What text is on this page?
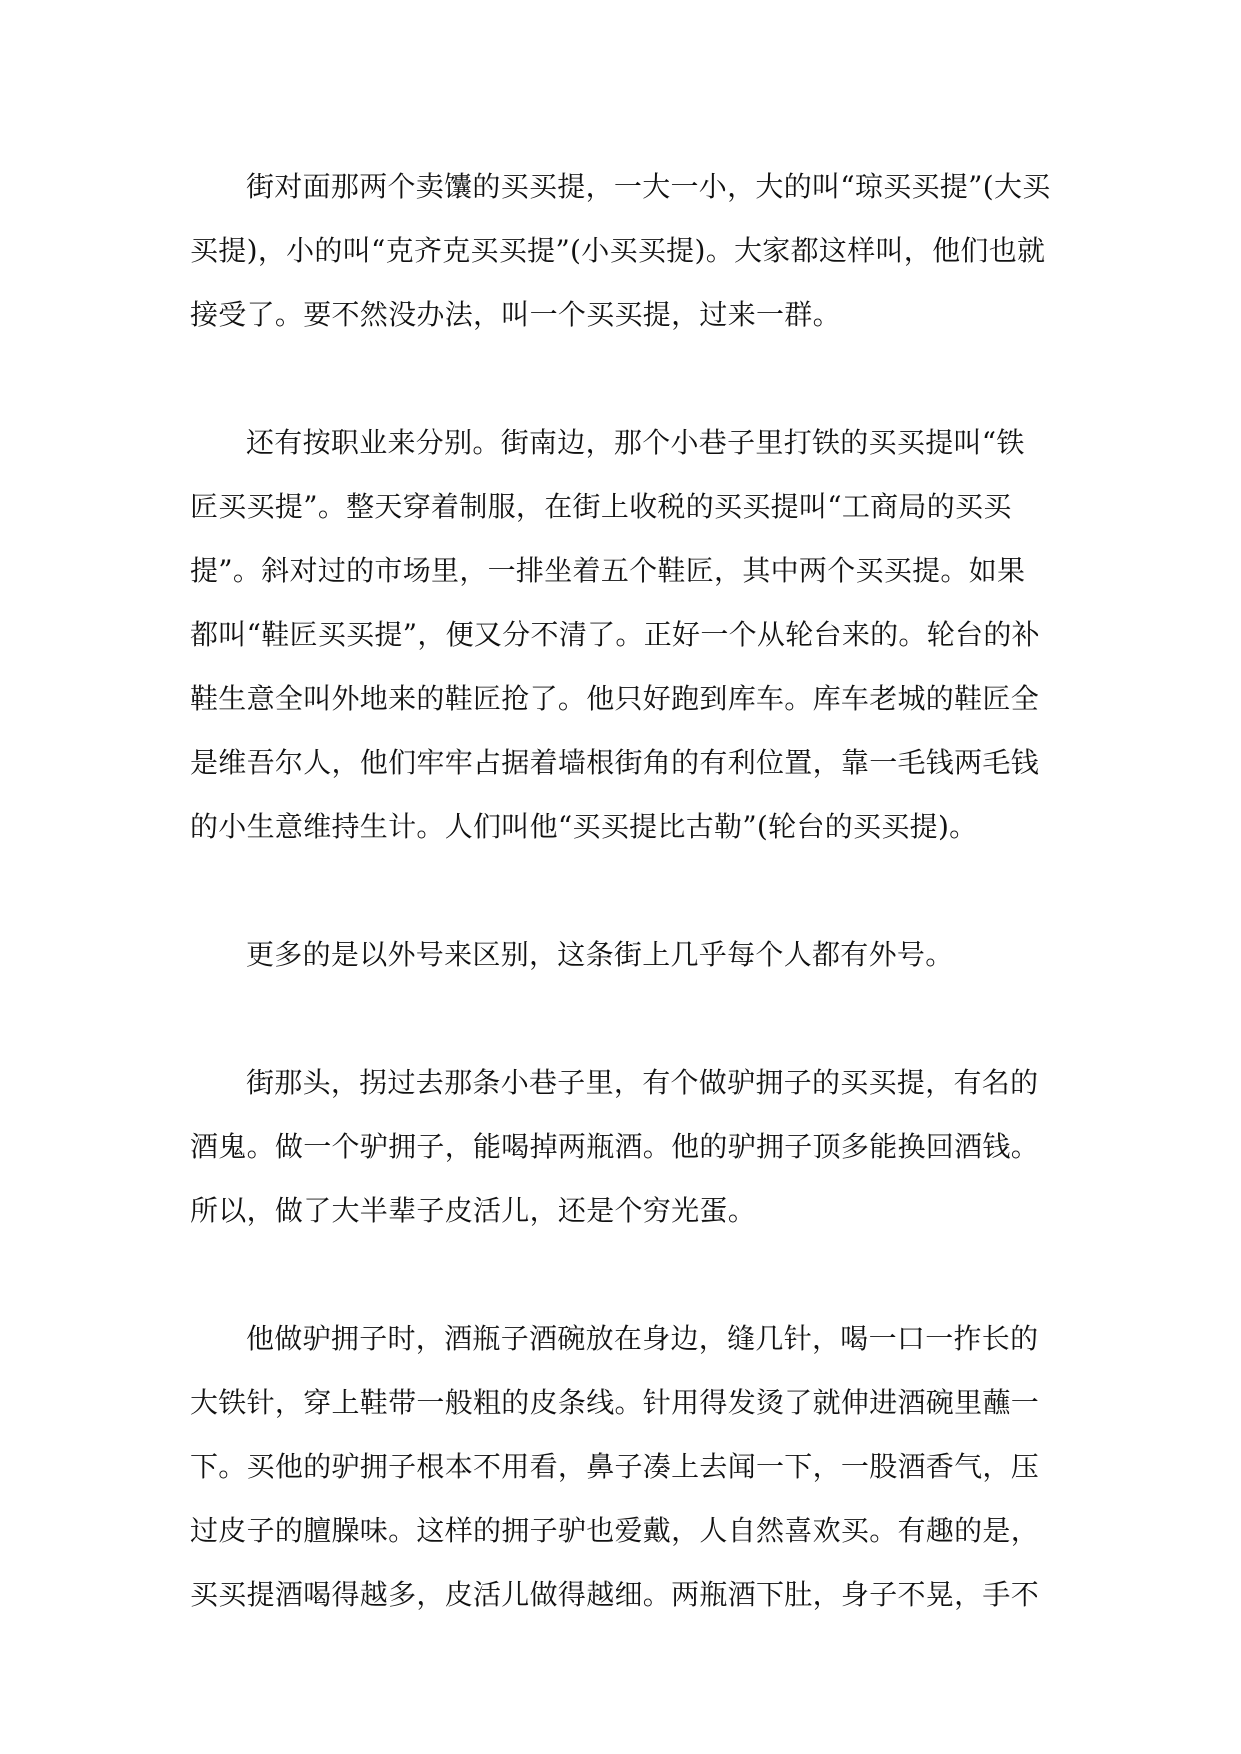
街对面那两个卖馕的买买提，一大一小，大的叫“琼买买提”(大买
买提)，小的叫“克齐克买买提”(小买买提)。大家都这样叫，他们也就
接受了。要不然没办法，叫一个买买提，过来一群。
还有按职业来分别。街南边，那个小巷子里打铁的买买提叫“铁
匠买买提”。整天穿着制服，在街上收税的买买提叫“工商局的买买
提”。斜对过的市场里，一排坐着五个鞋匠，其中两个买买提。如果
都叫“鞋匠买买提”，便又分不清了。正好一个从轮台来的。轮台的补
鞋生意全叫外地来的鞋匠抢了。他只好跑到库车。库车老城的鞋匠全
是维吾尔人，他们牢牢占据着墙根街角的有利位置，靠一毛钱两毛钱
的小生意维持生计。人们叫他“买买提比古勒”(轮台的买买提)。
更多的是以外号来区别，这条街上几乎每个人都有外号。
街那头，拐过去那条小巷子里，有个做驴拥子的买买提，有名的
酒鬼。做一个驴拥子，能喝掉两瓶酒。他的驴拥子顶多能换回酒钱。
所以，做了大半辈子皮活儿，还是个穷光蛋。
他做驴拥子时，酒瓶子酒碗放在身边，缝几针，喝一口一拃长的
大铁针，穿上鞋带一般粗的皮条线。针用得发烫了就伸进酒碗里蘸一
下。买他的驴拥子根本不用看，鼻子凑上去闻一下，一股酒香气，压
过皮子的膻臊味。这样的拥子驴也爱戴，人自然喜欢买。有趣的是，
买买提酒喝得越多，皮活儿做得越细。两瓶酒下肚，身子不晃，手不
